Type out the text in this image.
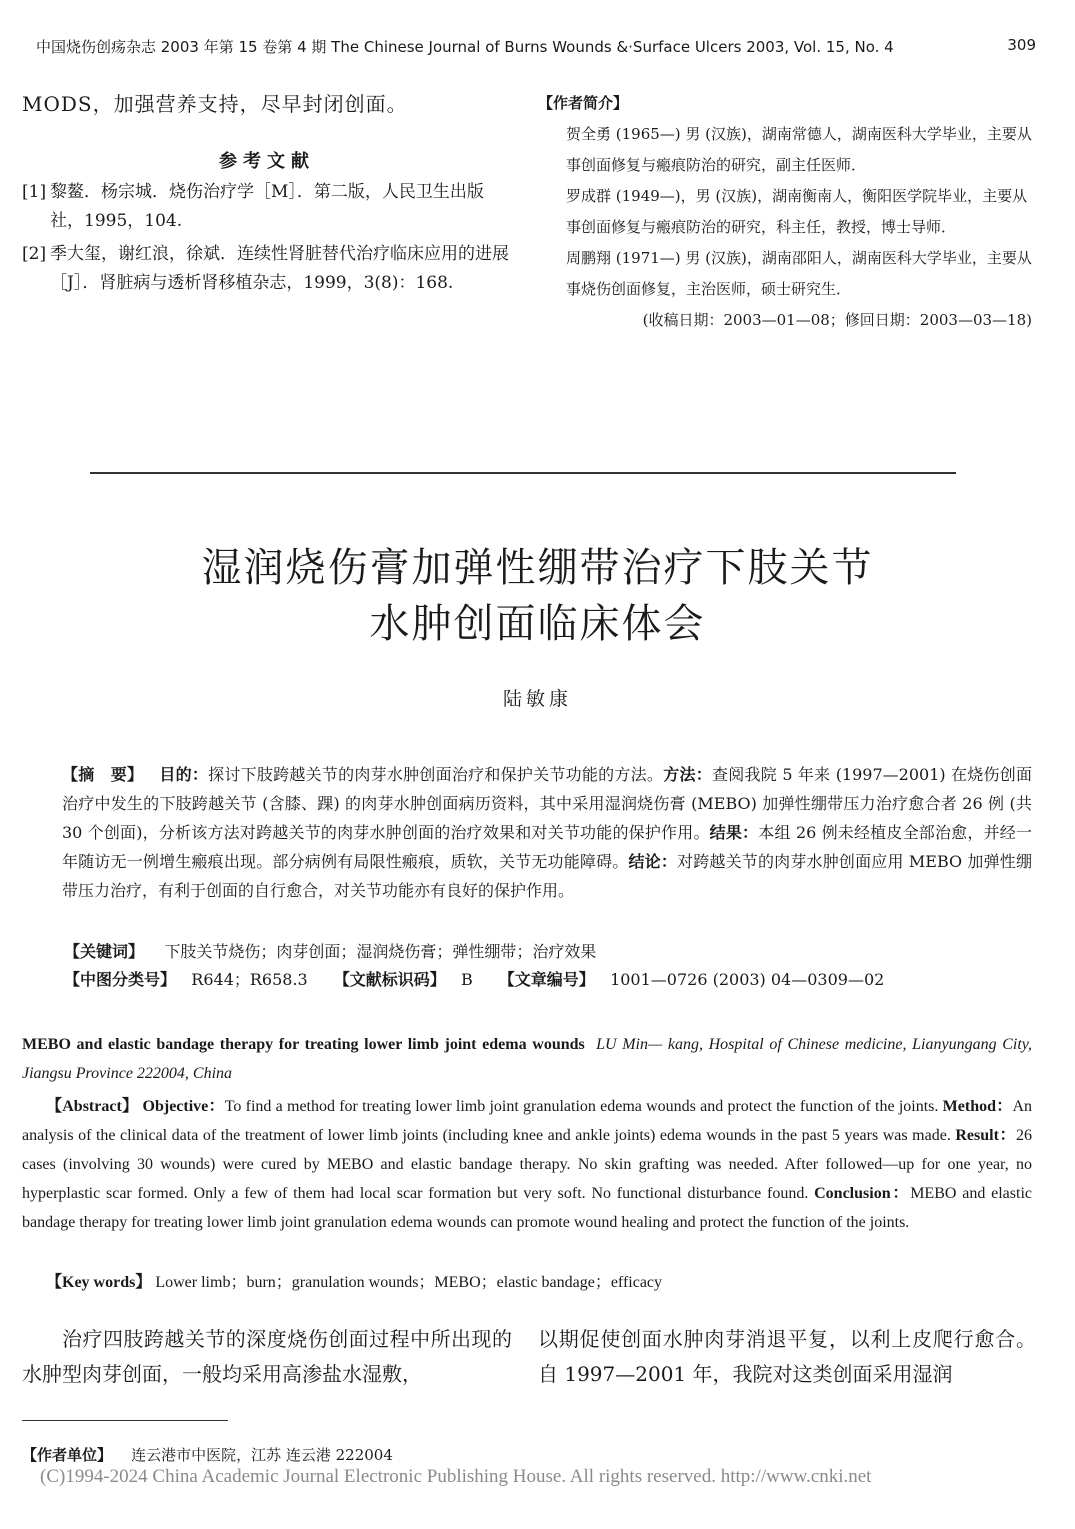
中国烧伤创疡杂志 2003 年第 15 卷第 4 期 The Chinese Journal of Burns Wounds &·Surface Ulcers 2003, Vol. 15, No. 4	309
MODS，加强营养支持，尽早封闭创面。
参考文献
[1] 黎鳌．杨宗城．烧伤治疗学［M］．第二版，人民卫生出版社，1995，104.
[2] 季大玺，谢红浪，徐斌．连续性肾脏替代治疗临床应用的进展［J］．肾脏病与透析肾移植杂志，1999，3(8)：168.
【作者简介】
贺全勇 (1965—) 男 (汉族)，湖南常德人，湖南医科大学毕业，主要从事创面修复与瘢痕防治的研究，副主任医师．
罗成群 (1949—)，男 (汉族)，湖南衡南人，衡阳医学院毕业，主要从事创面修复与瘢痕防治的研究，科主任，教授，博士导师．
周鹏翔 (1971—) 男 (汉族)，湖南邵阳人，湖南医科大学毕业，主要从事烧伤创面修复，主治医师，硕士研究生．
(收稿日期：2003—01—08；修回日期：2003—03—18)
湿润烧伤膏加弹性绷带治疗下肢关节
水肿创面临床体会
陆敏康
【摘　要】 目的：探讨下肢跨越关节的肉芽水肿创面治疗和保护关节功能的方法。方法：查阅我院 5 年来 (1997—2001) 在烧伤创面治疗中发生的下肢跨越关节 (含膝、踝) 的肉芽水肿创面病历资料，其中采用湿润烧伤膏 (MEBO) 加弹性绷带压力治疗愈合者 26 例 (共 30 个创面)，分析该方法对跨越关节的肉芽水肿创面的治疗效果和对关节功能的保护作用。结果：本组 26 例未经植皮全部治愈，并经一年随访无一例增生瘢痕出现。部分病例有局限性瘢痕，质软，关节无功能障碍。结论：对跨越关节的肉芽水肿创面应用 MEBO 加弹性绷带压力治疗，有利于创面的自行愈合，对关节功能亦有良好的保护作用。
【关键词】 下肢关节烧伤；肉芽创面；湿润烧伤膏；弹性绷带；治疗效果
【中图分类号】 R644；R658.3 【文献标识码】 B 【文章编号】 1001—0726 (2003) 04—0309—02
MEBO and elastic bandage therapy for treating lower limb joint edema wounds LU Min— kang, Hospital of Chinese medicine, Lianyungang City, Jiangsu Province 222004, China
【Abstract】 Objective：To find a method for treating lower limb joint granulation edema wounds and protect the function of the joints. Method：An analysis of the clinical data of the treatment of lower limb joints (including knee and ankle joints) edema wounds in the past 5 years was made. Result：26 cases (involving 30 wounds) were cured by MEBO and elastic bandage therapy. No skin grafting was needed. After followed—up for one year, no hyperplastic scar formed. Only a few of them had local scar formation but very soft. No functional disturbance found. Conclusion：MEBO and elastic bandage therapy for treating lower limb joint granulation edema wounds can promote wound healing and protect the function of the joints.
【Key words】 Lower limb；burn；granulation wounds；MEBO；elastic bandage；efficacy
治疗四肢跨越关节的深度烧伤创面过程中所出现的水肿型肉芽创面，一般均采用高渗盐水湿敷，
以期促使创面水肿肉芽消退平复，以利上皮爬行愈合。自 1997—2001 年，我院对这类创面采用湿润
【作者单位】 连云港市中医院，江苏 连云港 222004
(C)1994-2024 China Academic Journal Electronic Publishing House. All rights reserved. http://www.cnki.net
